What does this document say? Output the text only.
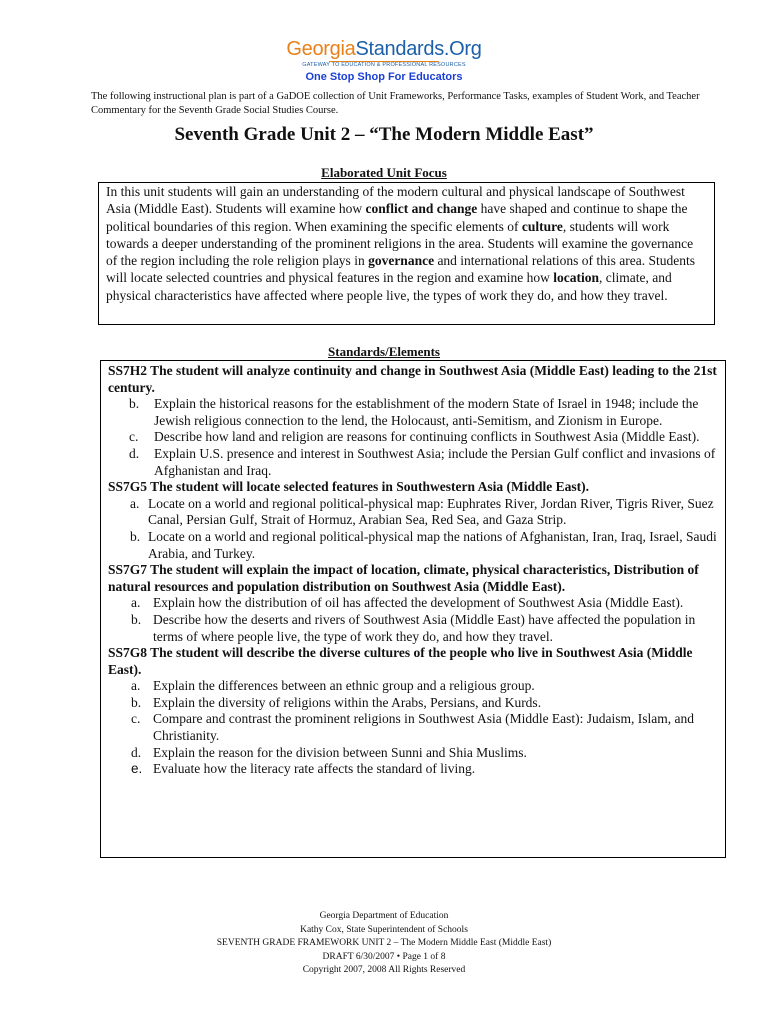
GeorgiaStandards.Org
GATEWAY TO EDUCATION & PROFESSIONAL RESOURCES
One Stop Shop For Educators
The following instructional plan is part of a GaDOE collection of Unit Frameworks, Performance Tasks, examples of Student Work, and Teacher Commentary for the Seventh Grade Social Studies Course.
Seventh Grade Unit 2 – “The Modern Middle East”
Elaborated Unit Focus
In this unit students will gain an understanding of the modern cultural and physical landscape of Southwest Asia (Middle East). Students will examine how conflict and change have shaped and continue to shape the political boundaries of this region. When examining the specific elements of culture, students will work towards a deeper understanding of the prominent religions in the area. Students will examine the governance of the region including the role religion plays in governance and international relations of this area. Students will locate selected countries and physical features in the region and examine how location, climate, and physical characteristics have affected where people live, the types of work they do, and how they travel.
Standards/Elements
SS7H2 The student will analyze continuity and change in Southwest Asia (Middle East) leading to the 21st century.
b.	Explain the historical reasons for the establishment of the modern State of Israel in 1948; include the Jewish religious connection to the lend, the Holocaust, anti-Semitism, and Zionism in Europe.
c.	Describe how land and religion are reasons for continuing conflicts in Southwest Asia (Middle East).
d.	Explain U.S. presence and interest in Southwest Asia; include the Persian Gulf conflict and invasions of Afghanistan and Iraq.
SS7G5 The student will locate selected features in Southwestern Asia (Middle East).
a. Locate on a world and regional political-physical map: Euphrates River, Jordan River, Tigris River, Suez Canal, Persian Gulf, Strait of Hormuz, Arabian Sea, Red Sea, and Gaza Strip.
b. Locate on a world and regional political-physical map the nations of Afghanistan, Iran, Iraq, Israel, Saudi Arabia, and Turkey.
SS7G7 The student will explain the impact of location, climate, physical characteristics, Distribution of natural resources and population distribution on Southwest Asia (Middle East).
a. Explain how the distribution of oil has affected the development of Southwest Asia (Middle East).
b. Describe how the deserts and rivers of Southwest Asia (Middle East) have affected the population in terms of where people live, the type of work they do, and how they travel.
SS7G8 The student will describe the diverse cultures of the people who live in Southwest Asia (Middle East).
a. Explain the differences between an ethnic group and a religious group.
b. Explain the diversity of religions within the Arabs, Persians, and Kurds.
c. Compare and contrast the prominent religions in Southwest Asia (Middle East): Judaism, Islam, and Christianity.
d. Explain the reason for the division between Sunni and Shia Muslims.
e. Evaluate how the literacy rate affects the standard of living.
Georgia Department of Education
Kathy Cox, State Superintendent of Schools
SEVENTH GRADE FRAMEWORK UNIT 2 – The Modern Middle East (Middle East)
DRAFT 6/30/2007 • Page 1 of 8
Copyright 2007, 2008 All Rights Reserved
